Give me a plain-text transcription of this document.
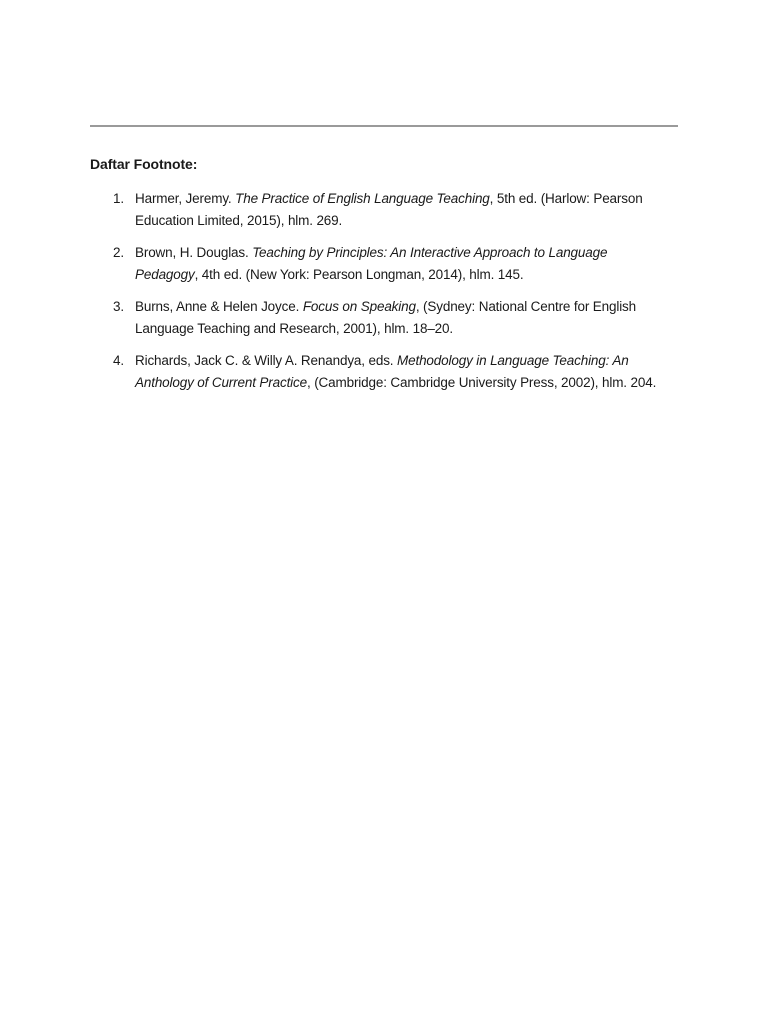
Daftar Footnote:
1. Harmer, Jeremy. The Practice of English Language Teaching, 5th ed. (Harlow: Pearson
Education Limited, 2015), hlm. 269.
2. Brown, H. Douglas. Teaching by Principles: An Interactive Approach to Language
Pedagogy, 4th ed. (New York: Pearson Longman, 2014), hlm. 145.
3. Burns, Anne & Helen Joyce. Focus on Speaking, (Sydney: National Centre for English
Language Teaching and Research, 2001), hlm. 18–20.
4. Richards, Jack C. & Willy A. Renandya, eds. Methodology in Language Teaching: An
Anthology of Current Practice, (Cambridge: Cambridge University Press, 2002), hlm. 204.
